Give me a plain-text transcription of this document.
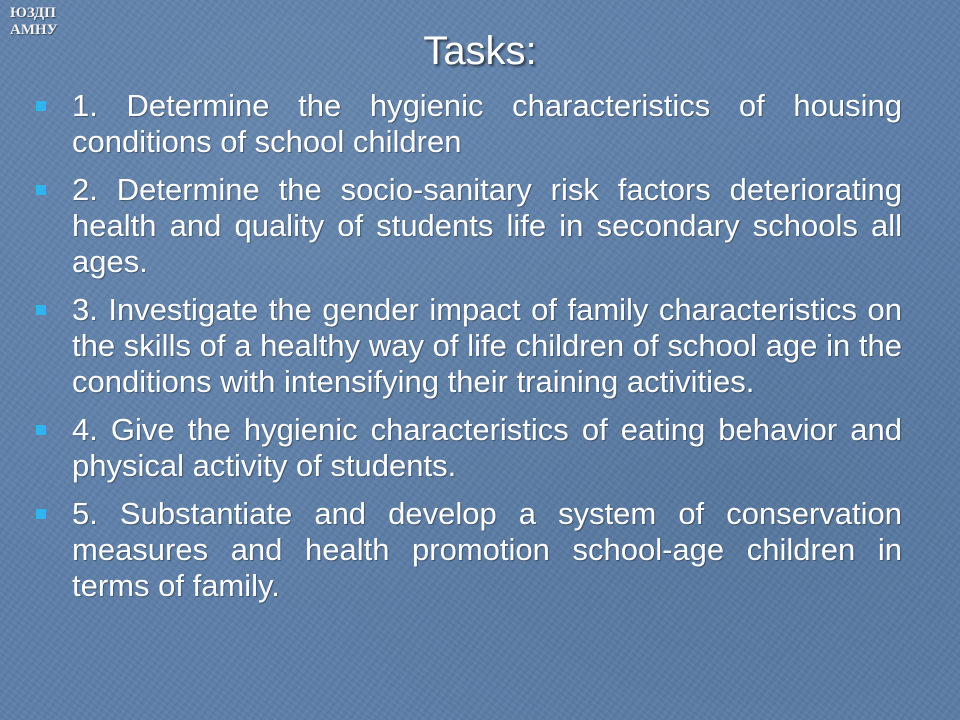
ЮЗДП
АМНУ	Tasks:
1. Determine the hygienic characteristics of housing conditions of school children
2. Determine the socio-sanitary risk factors deteriorating health and quality of students life in secondary schools all ages.
3. Investigate the gender impact of family characteristics on the skills of a healthy way of life children of school age in the conditions with intensifying their training activities.
4. Give the hygienic characteristics of eating behavior and physical activity of students.
5. Substantiate and develop a system of conservation measures and health promotion school-age children in terms of family.
